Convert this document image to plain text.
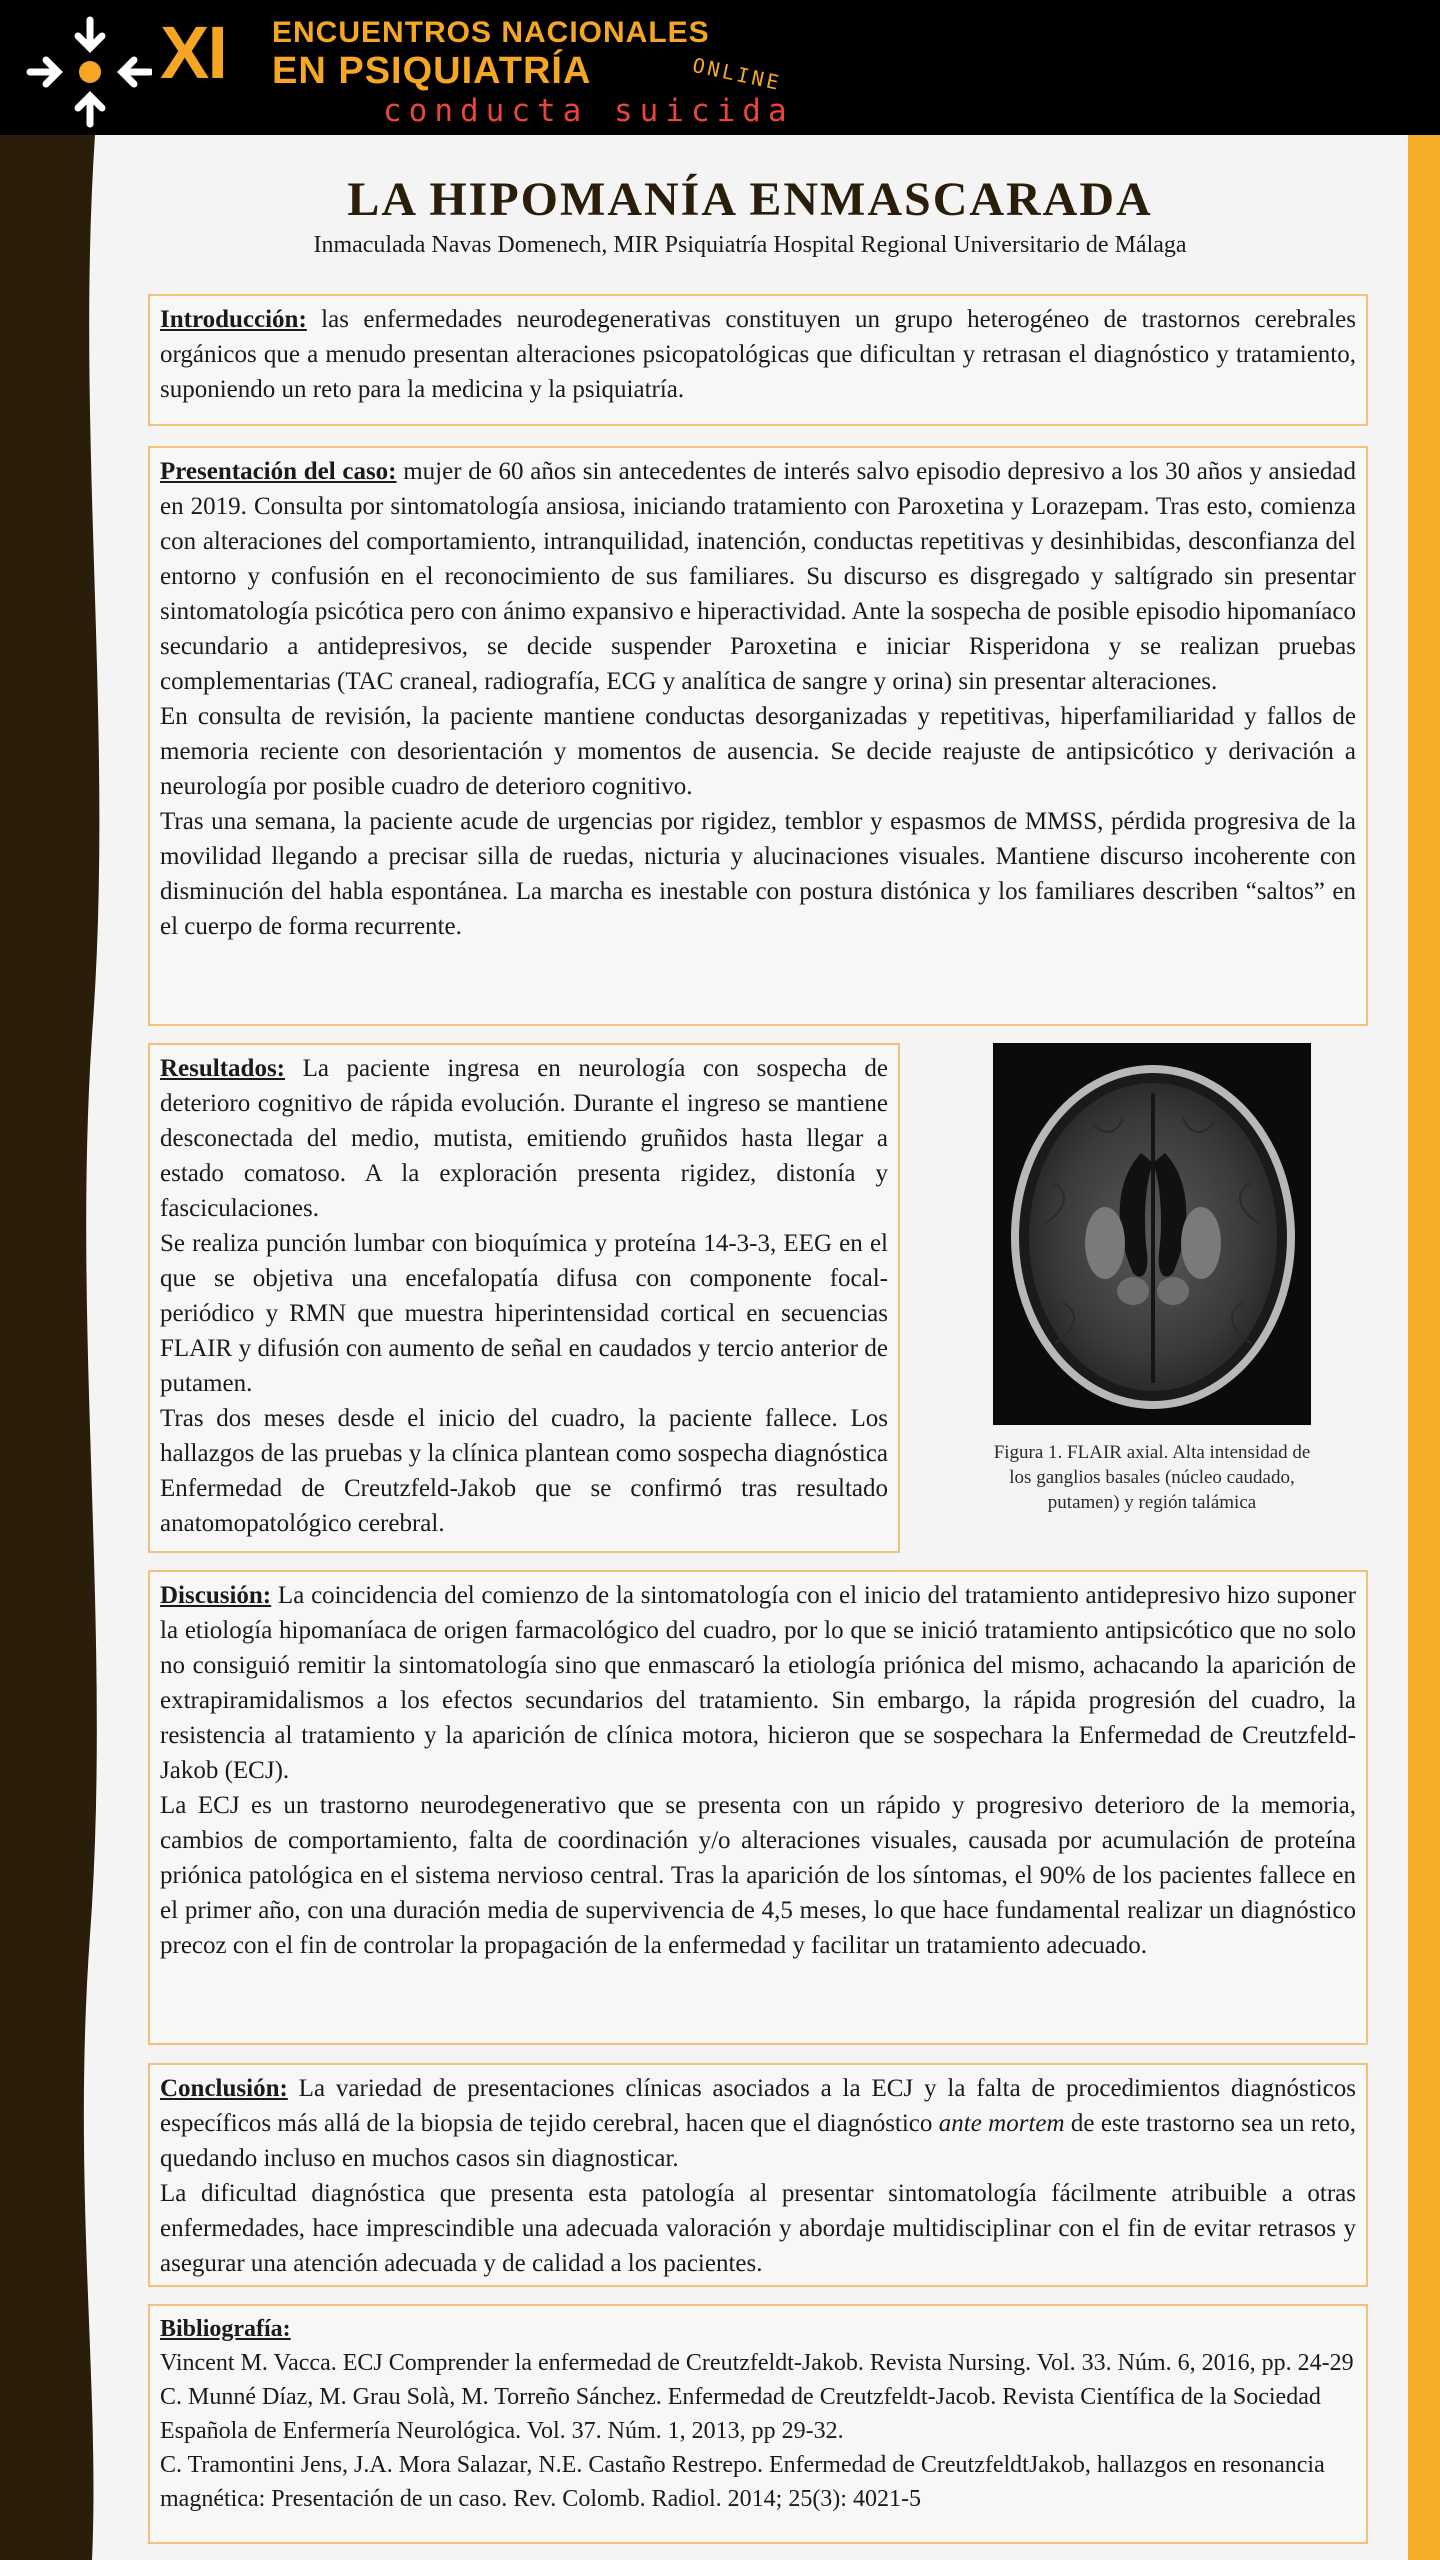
XI ENCUENTROS NACIONALES
EN PSIQUIATRÍA	ONLINE
conducta suicida
LA HIPOMANÍA ENMASCARADA
Inmaculada Navas Domenech, MIR Psiquiatría Hospital Regional Universitario de Málaga

Introducción: las enfermedades neurodegenerativas constituyen un grupo heterogéneo de trastornos cerebrales orgánicos que a menudo presentan alteraciones psicopatológicas que dificultan y retrasan el diagnóstico y tratamiento, suponiendo un reto para la medicina y la psiquiatría.

Presentación del caso: mujer de 60 años sin antecedentes de interés salvo episodio depresivo a los 30 años y ansiedad en 2019. Consulta por sintomatología ansiosa, iniciando tratamiento con Paroxetina y Lorazepam. Tras esto, comienza con alteraciones del comportamiento, intranquilidad, inatención, conductas repetitivas y desinhibidas, desconfianza del entorno y confusión en el reconocimiento de sus familiares. Su discurso es disgregado y saltígrado sin presentar sintomatología psicótica pero con ánimo expansivo e hiperactividad. Ante la sospecha de posible episodio hipomaníaco secundario a antidepresivos, se decide suspender Paroxetina e iniciar Risperidona y se realizan pruebas complementarias (TAC craneal, radiografía, ECG y analítica de sangre y orina) sin presentar alteraciones.

En consulta de revisión, la paciente mantiene conductas desorganizadas y repetitivas, hiperfamiliaridad y fallos de memoria reciente con desorientación y momentos de ausencia. Se decide reajuste de antipsicótico y derivación a neurología por posible cuadro de deterioro cognitivo.

Tras una semana, la paciente acude de urgencias por rigidez, temblor y espasmos de MMSS, pérdida progresiva de la movilidad llegando a precisar silla de ruedas, nicturia y alucinaciones visuales. Mantiene discurso incoherente con disminución del habla espontánea. La marcha es inestable con postura distónica y los familiares describen “saltos” en el cuerpo de forma recurrente.

Resultados: La paciente ingresa en neurología con sospecha de deterioro cognitivo de rápida evolución. Durante el ingreso se mantiene desconectada del medio, mutista, emitiendo gruñidos hasta llegar a estado comatoso. A la exploración presenta rigidez, distonía y fasciculaciones.

Se realiza punción lumbar con bioquímica y proteína 14-3-3, EEG en el que se objetiva una encefalopatía difusa con componente focal-periódico y RMN que muestra hiperintensidad cortical en secuencias FLAIR y difusión con aumento de señal en caudados y tercio anterior de putamen.

Tras dos meses desde el inicio del cuadro, la paciente fallece. Los hallazgos de las pruebas y la clínica plantean como sospecha diagnóstica Enfermedad de Creutzfeld-Jakob que se confirmó tras resultado anatomopatológico cerebral.

Figura 1. FLAIR axial. Alta intensidad de los ganglios basales (núcleo caudado, putamen) y región talámica

Discusión: La coincidencia del comienzo de la sintomatología con el inicio del tratamiento antidepresivo hizo suponer la etiología hipomaníaca de origen farmacológico del cuadro, por lo que se inició tratamiento antipsicótico que no solo no consiguió remitir la sintomatología sino que enmascaró la etiología priónica del mismo, achacando la aparición de extrapiramidalismos a los efectos secundarios del tratamiento. Sin embargo, la rápida progresión del cuadro, la resistencia al tratamiento y la aparición de clínica motora, hicieron que se sospechara la Enfermedad de Creutzfeld-Jakob (ECJ).

La ECJ es un trastorno neurodegenerativo que se presenta con un rápido y progresivo deterioro de la memoria, cambios de comportamiento, falta de coordinación y/o alteraciones visuales, causada por acumulación de proteína priónica patológica en el sistema nervioso central. Tras la aparición de los síntomas, el 90% de los pacientes fallece en el primer año, con una duración media de supervivencia de 4,5 meses, lo que hace fundamental realizar un diagnóstico precoz con el fin de controlar la propagación de la enfermedad y facilitar un tratamiento adecuado.

Conclusión: La variedad de presentaciones clínicas asociados a la ECJ y la falta de procedimientos diagnósticos específicos más allá de la biopsia de tejido cerebral, hacen que el diagnóstico ante mortem de este trastorno sea un reto, quedando incluso en muchos casos sin diagnosticar.

La dificultad diagnóstica que presenta esta patología al presentar sintomatología fácilmente atribuible a otras enfermedades, hace imprescindible una adecuada valoración y abordaje multidisciplinar con el fin de evitar retrasos y asegurar una atención adecuada y de calidad a los pacientes.

Bibliografía:

Vincent M. Vacca. ECJ Comprender la enfermedad de Creutzfeldt-Jakob. Revista Nursing. Vol. 33. Núm. 6, 2016, pp. 24-29

C. Munné Díaz, M. Grau Solà, M. Torreño Sánchez. Enfermedad de Creutzfeldt-Jacob. Revista Científica de la Sociedad Española de Enfermería Neurológica. Vol. 37. Núm. 1, 2013, pp 29-32.

C. Tramontini Jens, J.A. Mora Salazar, N.E. Castaño Restrepo. Enfermedad de CreutzfeldtJakob, hallazgos en resonancia magnética: Presentación de un caso. Rev. Colomb. Radiol. 2014; 25(3): 4021-5
